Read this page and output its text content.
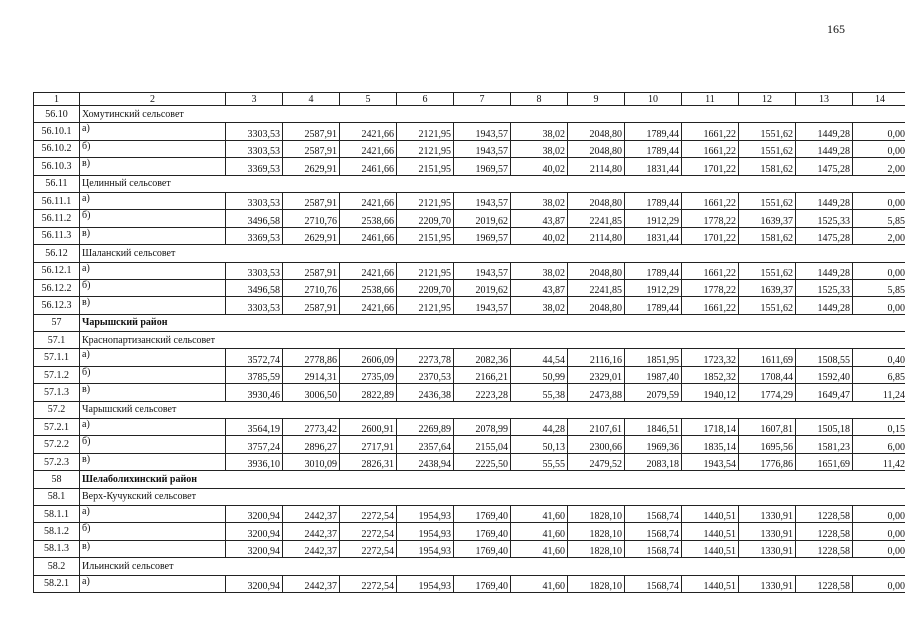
165
1	2	3	4	5	6	7	8	9	10	11	12	13	14
56.10	Хомутинский сельсовет												
56.10.1	а)	3303,53	2587,91	2421,66	2121,95	1943,57	38,02	2048,80	1789,44	1661,22	1551,62	1449,28	0,00
56.10.2	б)	3303,53	2587,91	2421,66	2121,95	1943,57	38,02	2048,80	1789,44	1661,22	1551,62	1449,28	0,00
56.10.3	в)	3369,53	2629,91	2461,66	2151,95	1969,57	40,02	2114,80	1831,44	1701,22	1581,62	1475,28	2,00
56.11	Целинный сельсовет												
56.11.1	а)	3303,53	2587,91	2421,66	2121,95	1943,57	38,02	2048,80	1789,44	1661,22	1551,62	1449,28	0,00
56.11.2	б)	3496,58	2710,76	2538,66	2209,70	2019,62	43,87	2241,85	1912,29	1778,22	1639,37	1525,33	5,85
56.11.3	в)	3369,53	2629,91	2461,66	2151,95	1969,57	40,02	2114,80	1831,44	1701,22	1581,62	1475,28	2,00
56.12	Шаланский сельсовет												
56.12.1	а)	3303,53	2587,91	2421,66	2121,95	1943,57	38,02	2048,80	1789,44	1661,22	1551,62	1449,28	0,00
56.12.2	б)	3496,58	2710,76	2538,66	2209,70	2019,62	43,87	2241,85	1912,29	1778,22	1639,37	1525,33	5,85
56.12.3	в)	3303,53	2587,91	2421,66	2121,95	1943,57	38,02	2048,80	1789,44	1661,22	1551,62	1449,28	0,00
57	Чарышский район												
57.1	Краснопартизанский сельсовет												
57.1.1	а)	3572,74	2778,86	2606,09	2273,78	2082,36	44,54	2116,16	1851,95	1723,32	1611,69	1508,55	0,40
57.1.2	б)	3785,59	2914,31	2735,09	2370,53	2166,21	50,99	2329,01	1987,40	1852,32	1708,44	1592,40	6,85
57.1.3	в)	3930,46	3006,50	2822,89	2436,38	2223,28	55,38	2473,88	2079,59	1940,12	1774,29	1649,47	11,24
57.2	Чарышский сельсовет												
57.2.1	а)	3564,19	2773,42	2600,91	2269,89	2078,99	44,28	2107,61	1846,51	1718,14	1607,81	1505,18	0,15
57.2.2	б)	3757,24	2896,27	2717,91	2357,64	2155,04	50,13	2300,66	1969,36	1835,14	1695,56	1581,23	6,00
57.2.3	в)	3936,10	3010,09	2826,31	2438,94	2225,50	55,55	2479,52	2083,18	1943,54	1776,86	1651,69	11,42
58	Шелаболихинский район												
58.1	Верх-Кучукский сельсовет												
58.1.1	а)	3200,94	2442,37	2272,54	1954,93	1769,40	41,60	1828,10	1568,74	1440,51	1330,91	1228,58	0,00
58.1.2	б)	3200,94	2442,37	2272,54	1954,93	1769,40	41,60	1828,10	1568,74	1440,51	1330,91	1228,58	0,00
58.1.3	в)	3200,94	2442,37	2272,54	1954,93	1769,40	41,60	1828,10	1568,74	1440,51	1330,91	1228,58	0,00
58.2	Ильинский сельсовет												
58.2.1	а)	3200,94	2442,37	2272,54	1954,93	1769,40	41,60	1828,10	1568,74	1440,51	1330,91	1228,58	0,00
